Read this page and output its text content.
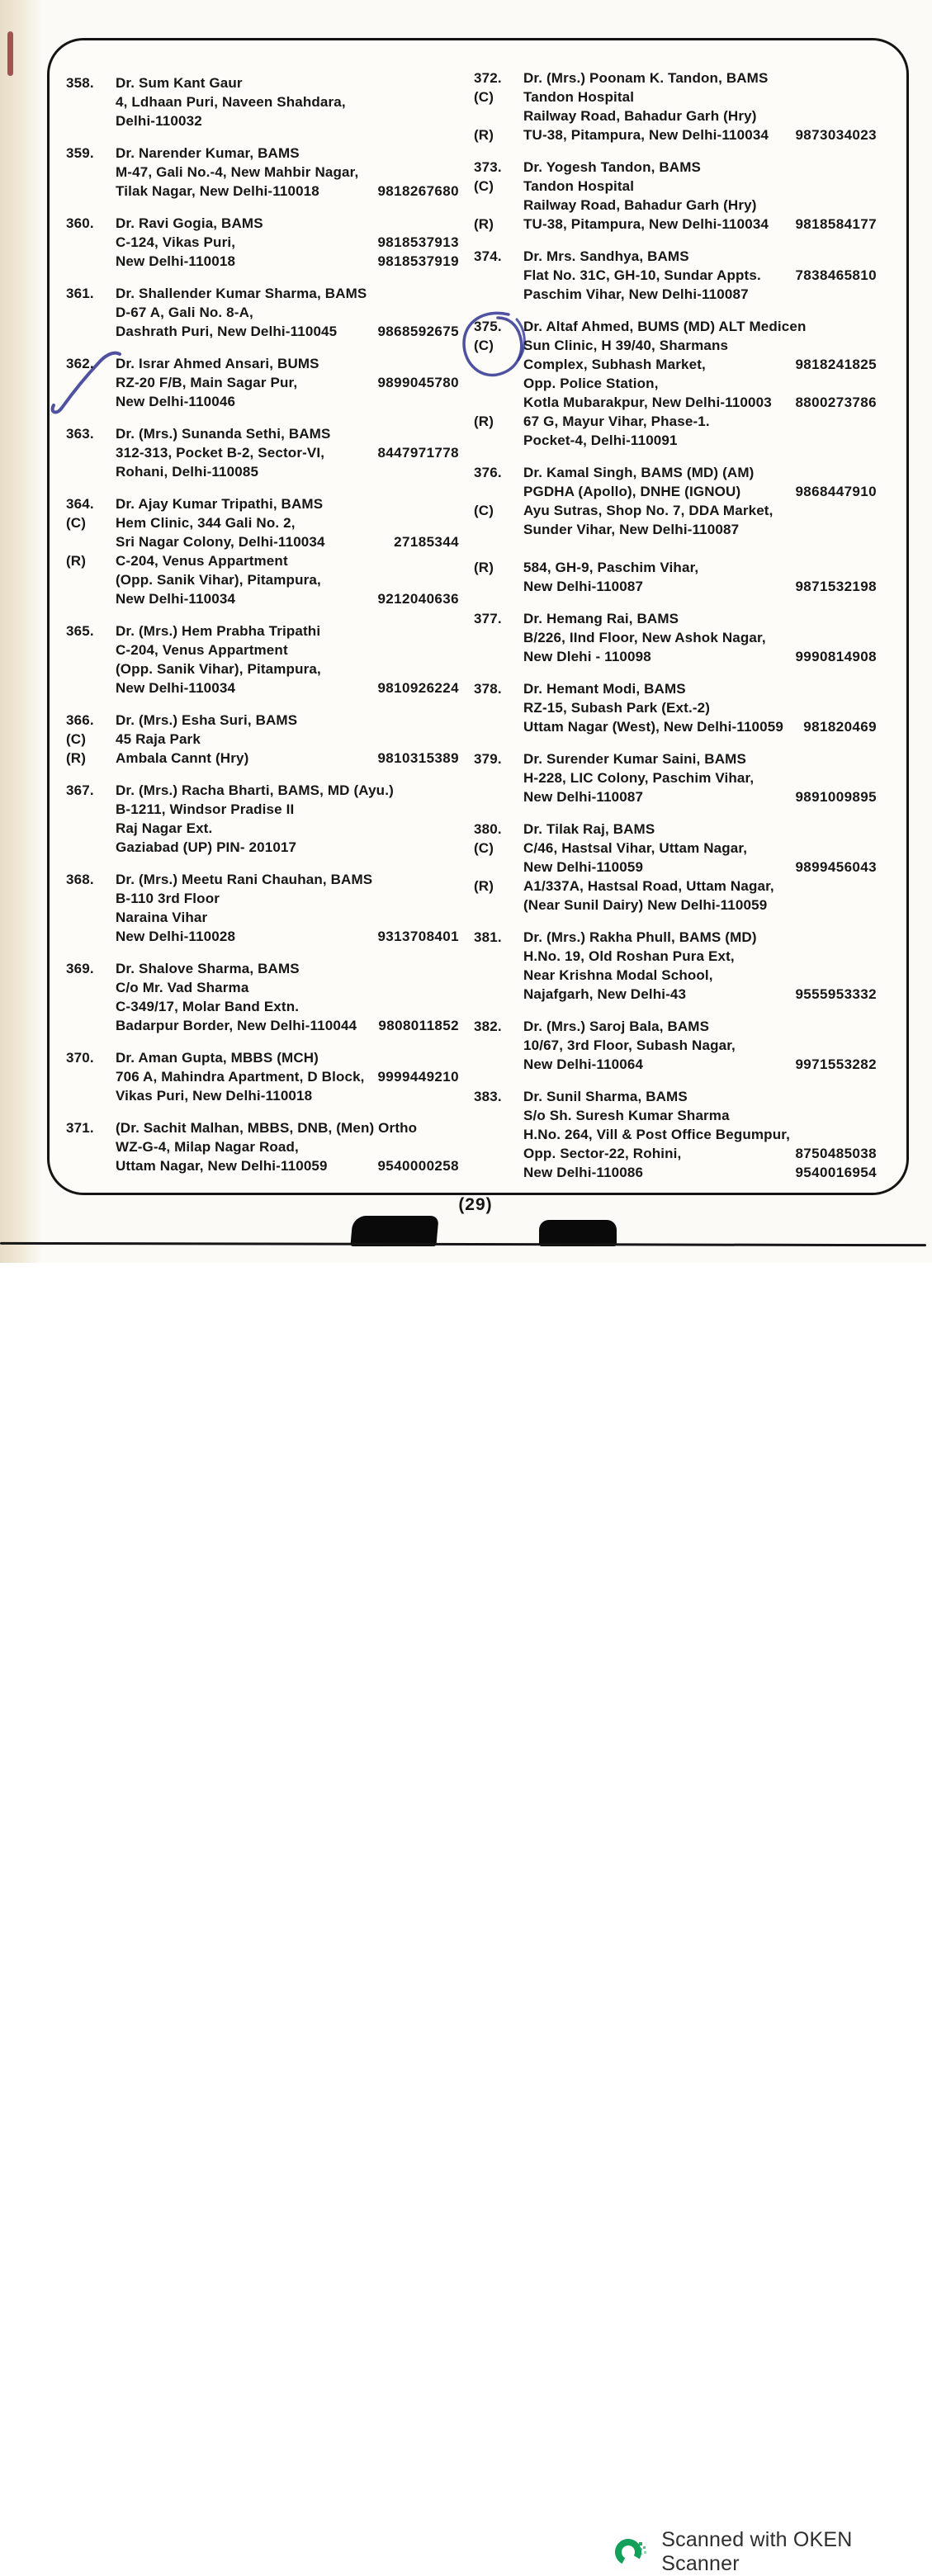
358. Dr. Sum Kant Gaur
4, Ldhaan Puri, Naveen Shahdara,
Delhi-110032
359. Dr. Narender Kumar, BAMS
M-47, Gali No.-4, New Mahbir Nagar,
Tilak Nagar, New Delhi-110018	9818267680
360. Dr. Ravi Gogia, BAMS
C-124, Vikas Puri,	9818537913
New Delhi-110018	9818537919
361. Dr. Shallender Kumar Sharma, BAMS
D-67 A, Gali No. 8-A,
Dashrath Puri, New Delhi-110045	9868592675
362. Dr. Israr Ahmed Ansari, BUMS
RZ-20 F/B, Main Sagar Pur,	9899045780
New Delhi-110046
363. Dr. (Mrs.) Sunanda Sethi, BAMS
312-313, Pocket B-2, Sector-VI,	8447971778
Rohani, Delhi-110085
364. Dr. Ajay Kumar Tripathi, BAMS
(C) Hem Clinic, 344 Gali No. 2,
Sri Nagar Colony, Delhi-110034	27185344
(R) C-204, Venus Appartment
(Opp. Sanik Vihar), Pitampura,
New Delhi-110034	9212040636
365. Dr. (Mrs.) Hem Prabha Tripathi
C-204, Venus Appartment
(Opp. Sanik Vihar), Pitampura,
New Delhi-110034	9810926224
366. Dr. (Mrs.) Esha Suri, BAMS
(C) 45 Raja Park
(R) Ambala Cannt (Hry)	9810315389
367. Dr. (Mrs.) Racha Bharti, BAMS, MD (Ayu.)
B-1211, Windsor Pradise II
Raj Nagar Ext.
Gaziabad (UP) PIN- 201017
368. Dr. (Mrs.) Meetu Rani Chauhan, BAMS
B-110 3rd Floor
Naraina Vihar
New Delhi-110028	9313708401
369. Dr. Shalove Sharma, BAMS
C/o Mr. Vad Sharma
C-349/17, Molar Band Extn.
Badarpur Border, New Delhi-110044 9808011852
370. Dr. Aman Gupta, MBBS (MCH)
706 A, Mahindra Apartment, D Block, 9999449210
Vikas Puri, New Delhi-110018
371. (Dr. Sachit Malhan, MBBS, DNB, (Men) Ortho
WZ-G-4, Milap Nagar Road,
Uttam Nagar, New Delhi-110059	9540000258
372. Dr. (Mrs.) Poonam K. Tandon, BAMS
(C) Tandon Hospital
Railway Road, Bahadur Garh (Hry)
(R) TU-38, Pitampura, New Delhi-110034 9873034023
373. Dr. Yogesh Tandon, BAMS
(C) Tandon Hospital
Railway Road, Bahadur Garh (Hry)
(R) TU-38, Pitampura, New Delhi-110034 9818584177
374. Dr. Mrs. Sandhya, BAMS
Flat No. 31C, GH-10, Sundar Appts. 7838465810
Paschim Vihar, New Delhi-110087
375. Dr. Altaf Ahmed, BUMS (MD) ALT Medicen
(C) Sun Clinic, H 39/40, Sharmans
Complex, Subhash Market,	9818241825
Opp. Police Station,
Kotla Mubarakpur, New Delhi-110003 8800273786
(R) 67 G, Mayur Vihar, Phase-1.
Pocket-4, Delhi-110091
376. Dr. Kamal Singh, BAMS (MD) (AM)
PGDHA (Apollo), DNHE (IGNOU)	9868447910
(C) Ayu Sutras, Shop No. 7, DDA Market,
Sunder Vihar, New Delhi-110087
(R) 584, GH-9, Paschim Vihar,
New Delhi-110087	9871532198
377. Dr. Hemang Rai, BAMS
B/226, IInd Floor, New Ashok Nagar,
New Dlehi - 110098	9990814908
378. Dr. Hemant Modi, BAMS
RZ-15, Subash Park (Ext.-2)
Uttam Nagar (West), New Delhi-110059 981820469
379. Dr. Surender Kumar Saini, BAMS
H-228, LIC Colony, Paschim Vihar,
New Delhi-110087	9891009895
380. Dr. Tilak Raj, BAMS
(C) C/46, Hastsal Vihar, Uttam Nagar,
New Delhi-110059	9899456043
(R) A1/337A, Hastsal Road, Uttam Nagar,
(Near Sunil Dairy) New Delhi-110059
381. Dr. (Mrs.) Rakha Phull, BAMS (MD)
H.No. 19, Old Roshan Pura Ext,
Near Krishna Modal School,
Najafgarh, New Delhi-43	9555953332
382. Dr. (Mrs.) Saroj Bala, BAMS
10/67, 3rd Floor, Subash Nagar,
New Delhi-110064	9971553282
383. Dr. Sunil Sharma, BAMS
S/o Sh. Suresh Kumar Sharma
H.No. 264, Vill & Post Office Begumpur,
Opp. Sector-22, Rohini,	8750485038
New Delhi-110086	9540016954
(29)
Scanned with OKEN Scanner
